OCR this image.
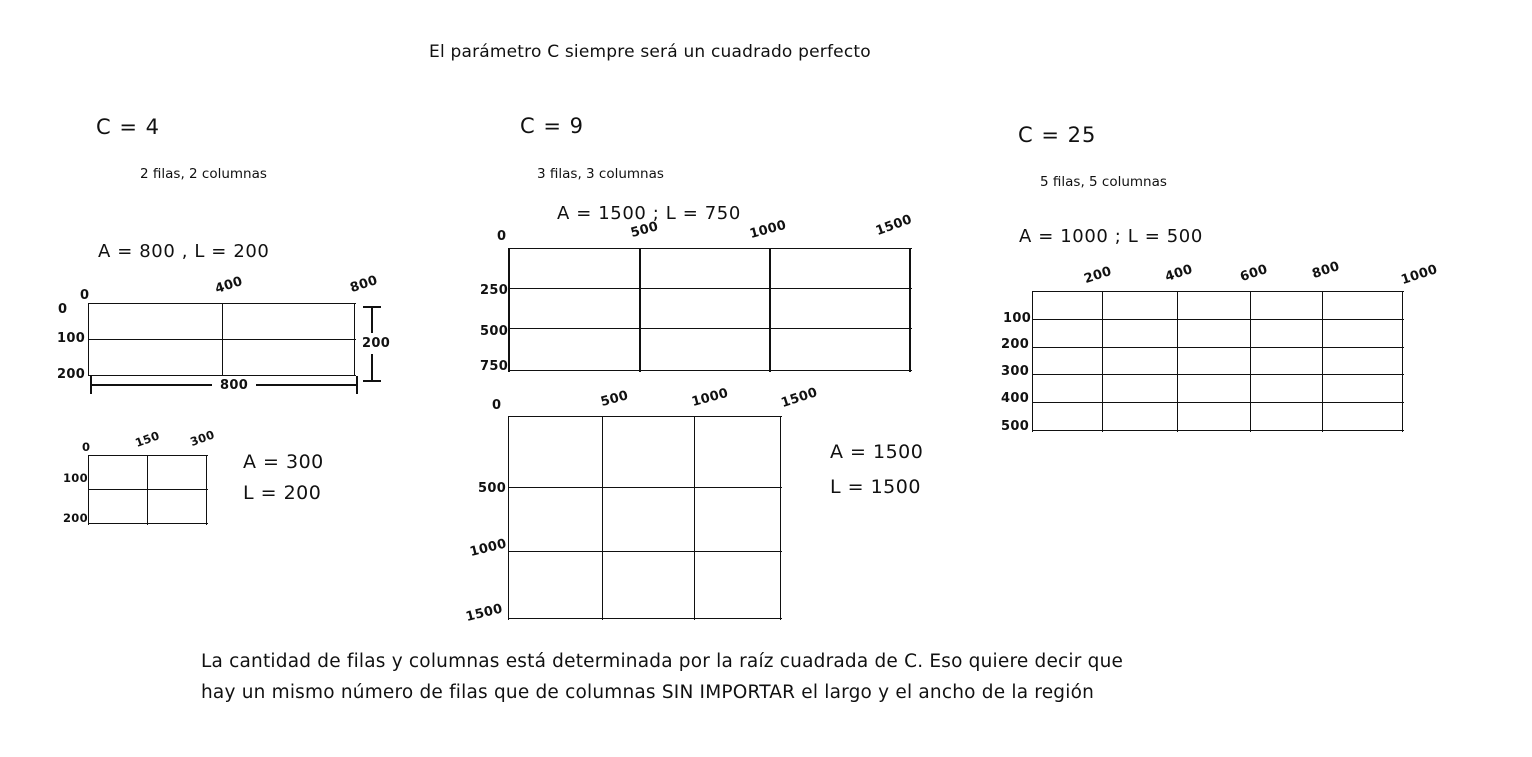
El parámetro C siempre será un cuadrado perfecto
C = 4
2 filas, 2 columnas
A = 800 , L = 200
0	400	800
0
100
200
800
200
0	150 300
100
200
A = 300
L = 200
C = 9
3 filas, 3 columnas
A = 1500 ; L = 750
0	500	1000	1500
250
500
750
0	500	1000	1500
500
1000
1500
A = 1500
L = 1500
C = 25
5 filas, 5 columnas
A = 1000 ; L = 500
200	400	600	800	1000
100
200
300
400
500
La cantidad de filas y columnas está determinada por la raíz cuadrada de C. Eso quiere decir que
hay un mismo número de filas que de columnas SIN IMPORTAR el largo y el ancho de la región
